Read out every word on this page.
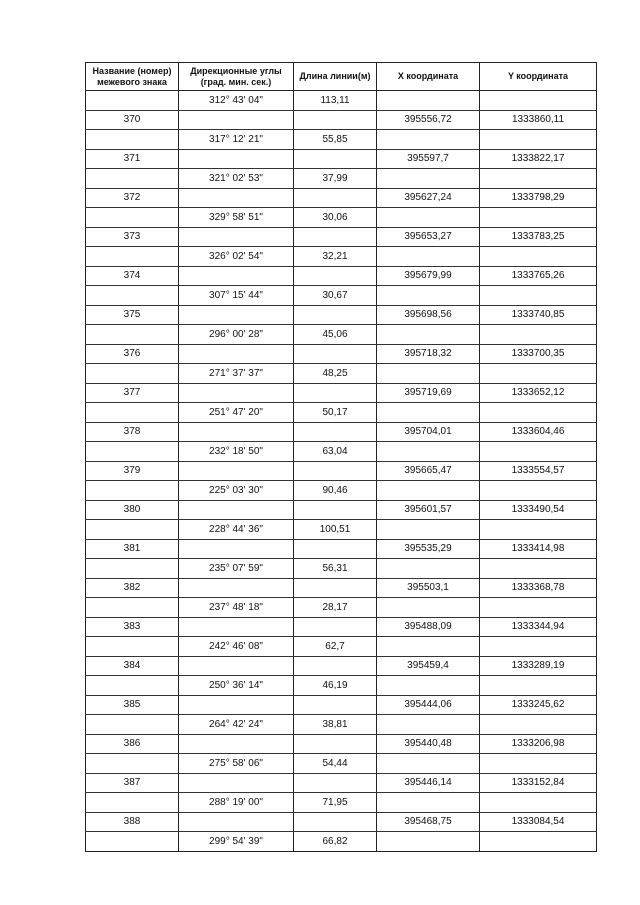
Название (номер) межевого знака	Дирекционные углы (град. мин. сек.)	Длина линии(м)	X координата	Y координата
	312° 43' 04"	113,11		
370			395556,72	1333860,11
	317° 12' 21"	55,85		
371			395597,7	1333822,17
	321° 02' 53"	37,99		
372			395627,24	1333798,29
	329° 58' 51"	30,06		
373			395653,27	1333783,25
	326° 02' 54"	32,21		
374			395679,99	1333765,26
	307° 15' 44"	30,67		
375			395698,56	1333740,85
	296° 00' 28"	45,06		
376			395718,32	1333700,35
	271° 37' 37"	48,25		
377			395719,69	1333652,12
	251° 47' 20"	50,17		
378			395704,01	1333604,46
	232° 18' 50"	63,04		
379			395665,47	1333554,57
	225° 03' 30"	90,46		
380			395601,57	1333490,54
	228° 44' 36"	100,51		
381			395535,29	1333414,98
	235° 07' 59"	56,31		
382			395503,1	1333368,78
	237° 48' 18"	28,17		
383			395488,09	1333344,94
	242° 46' 08"	62,7		
384			395459,4	1333289,19
	250° 36' 14"	46,19		
385			395444,06	1333245,62
	264° 42' 24"	38,81		
386			395440,48	1333206,98
	275° 58' 06"	54,44		
387			395446,14	1333152,84
	288° 19' 00"	71,95		
388			395468,75	1333084,54
	299° 54' 39"	66,82		
